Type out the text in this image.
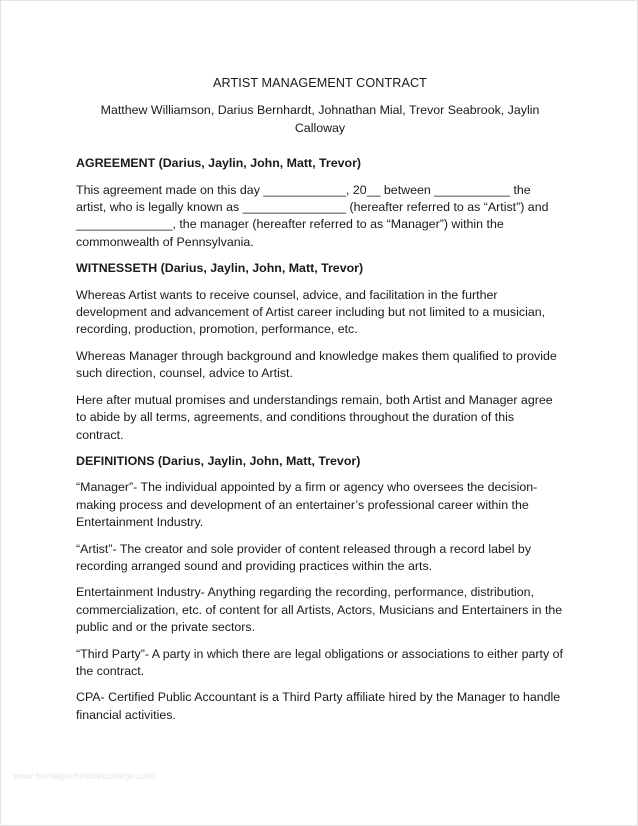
ARTIST MANAGEMENT CONTRACT
Matthew Williamson, Darius Bernhardt, Johnathan Mial, Trevor Seabrook, Jaylin Calloway
AGREEMENT (Darius, Jaylin, John, Matt, Trevor)
This agreement made on this day ____________, 20__ between ___________ the artist, who is legally known as _______________ (hereafter referred to as “Artist”) and ______________, the manager (hereafter referred to as “Manager”) within the commonwealth of Pennsylvania.
WITNESSETH (Darius, Jaylin, John, Matt, Trevor)
Whereas Artist wants to receive counsel, advice, and facilitation in the further development and advancement of Artist career including but not limited to a musician, recording, production, promotion, performance, etc.
Whereas Manager through background and knowledge makes them qualified to provide such direction, counsel, advice to Artist.
Here after mutual promises and understandings remain, both Artist and Manager agree to abide by all terms, agreements, and conditions throughout the duration of this contract.
DEFINITIONS (Darius, Jaylin, John, Matt, Trevor)
“Manager”- The individual appointed by a firm or agency who oversees the decision-making process and development of an entertainer’s professional career within the Entertainment Industry.
“Artist”- The creator and sole provider of content released through a record label by recording arranged sound and providing practices within the arts.
Entertainment Industry- Anything regarding the recording, performance, distribution, commercialization, etc. of content for all Artists, Actors, Musicians and Entertainers in the public and or the private sectors.
“Third Party”- A party in which there are legal obligations or associations to either party of the contract.
CPA- Certified Public Accountant is a Third Party affiliate hired by the Manager to handle financial activities.
www.heritagechristiancollege.com
